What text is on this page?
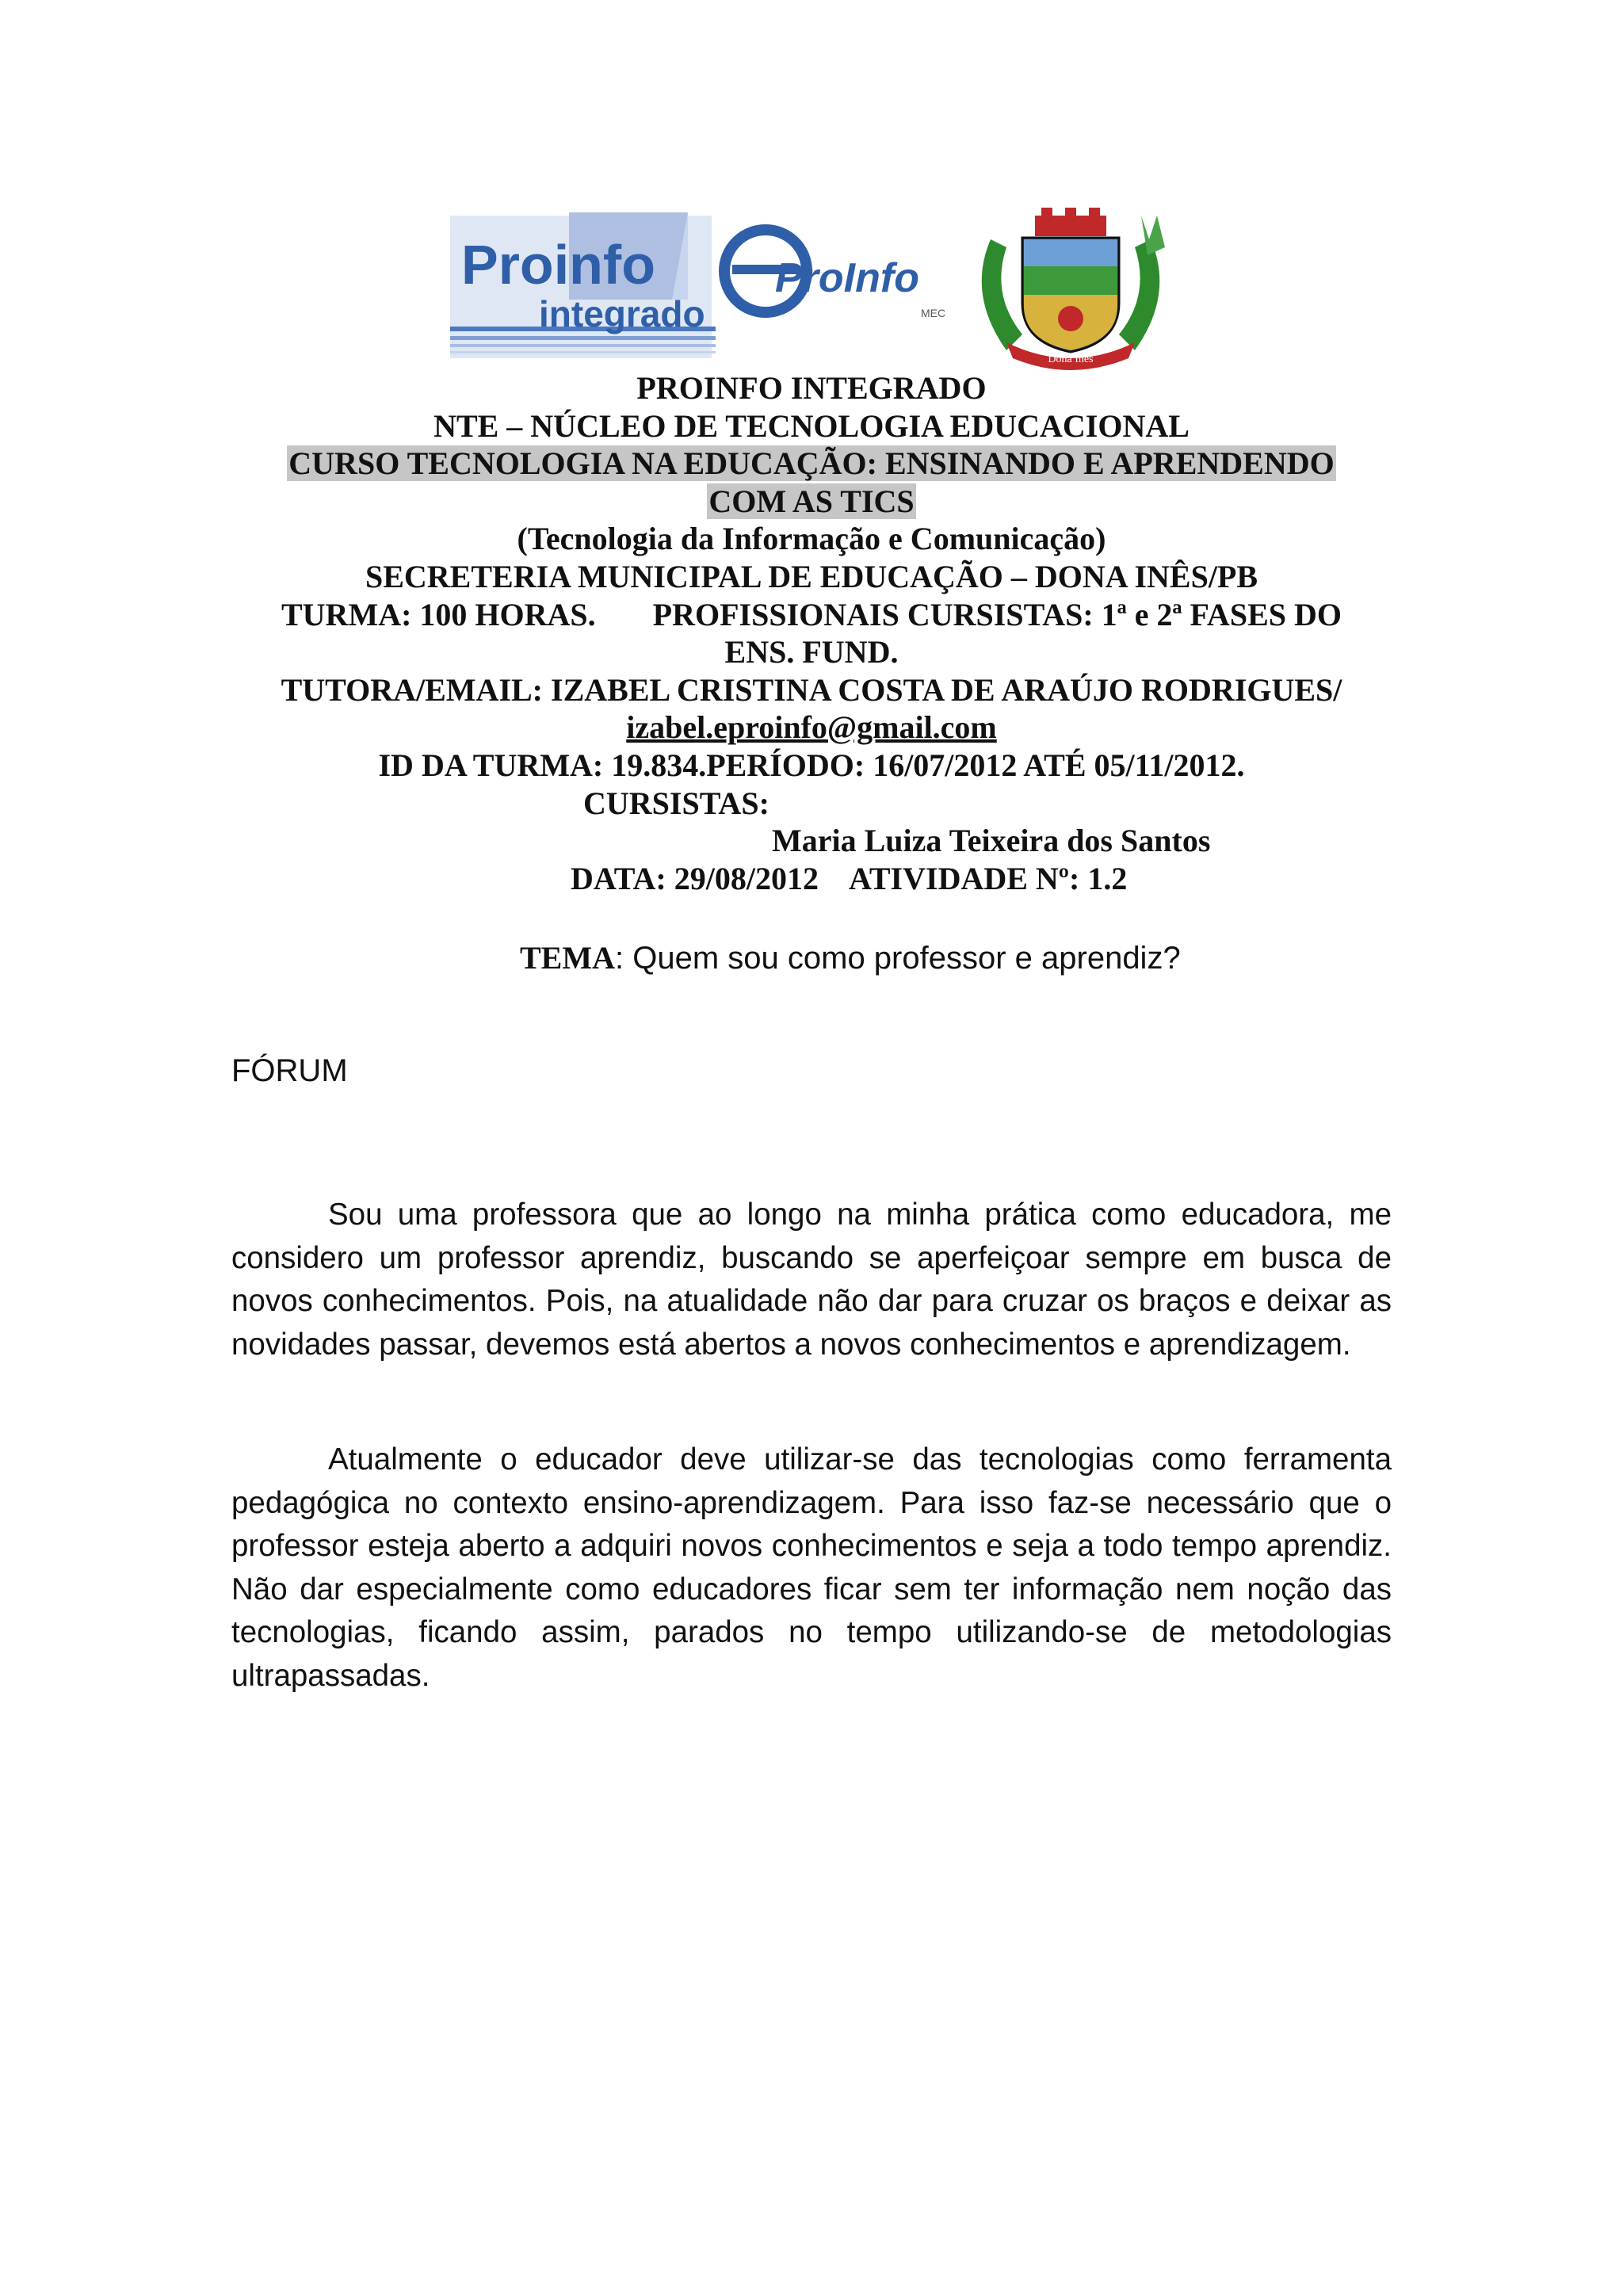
Proinfo
integrado
ProInfo
MEC
Dona Inês
PROINFO INTEGRADO
NTE – NÚCLEO DE TECNOLOGIA EDUCACIONAL
CURSO TECNOLOGIA NA EDUCAÇÃO: ENSINANDO E APRENDENDO
COM AS TICS
(Tecnologia da Informação e Comunicação)
SECRETERIA MUNICIPAL DE EDUCAÇÃO – DONA INÊS/PB
TURMA: 100 HORAS. PROFISSIONAIS CURSISTAS: 1ª e 2ª FASES DO
ENS. FUND.
TUTORA/EMAIL: IZABEL CRISTINA COSTA DE ARAÚJO RODRIGUES/
izabel.eproinfo@gmail.com
ID DA TURMA: 19.834.PERÍODO: 16/07/2012 ATÉ 05/11/2012.
CURSISTAS:
Maria Luiza Teixeira dos Santos
DATA: 29/08/2012 ATIVIDADE Nº: 1.2
TEMA: Quem sou como professor e aprendiz?
FÓRUM

Sou uma professora que ao longo na minha prática como educadora, me considero um professor aprendiz, buscando se aperfeiçoar sempre em busca de novos conhecimentos. Pois, na atualidade não dar para cruzar os braços e deixar as novidades passar, devemos está abertos a novos conhecimentos e aprendizagem.

Atualmente o educador deve utilizar-se das tecnologias como ferramenta pedagógica no contexto ensino-aprendizagem. Para isso faz-se necessário que o professor esteja aberto a adquiri novos conhecimentos e seja a todo tempo aprendiz. Não dar especialmente como educadores ficar sem ter informação nem noção das tecnologias, ficando assim, parados no tempo utilizando-se de metodologias ultrapassadas.
